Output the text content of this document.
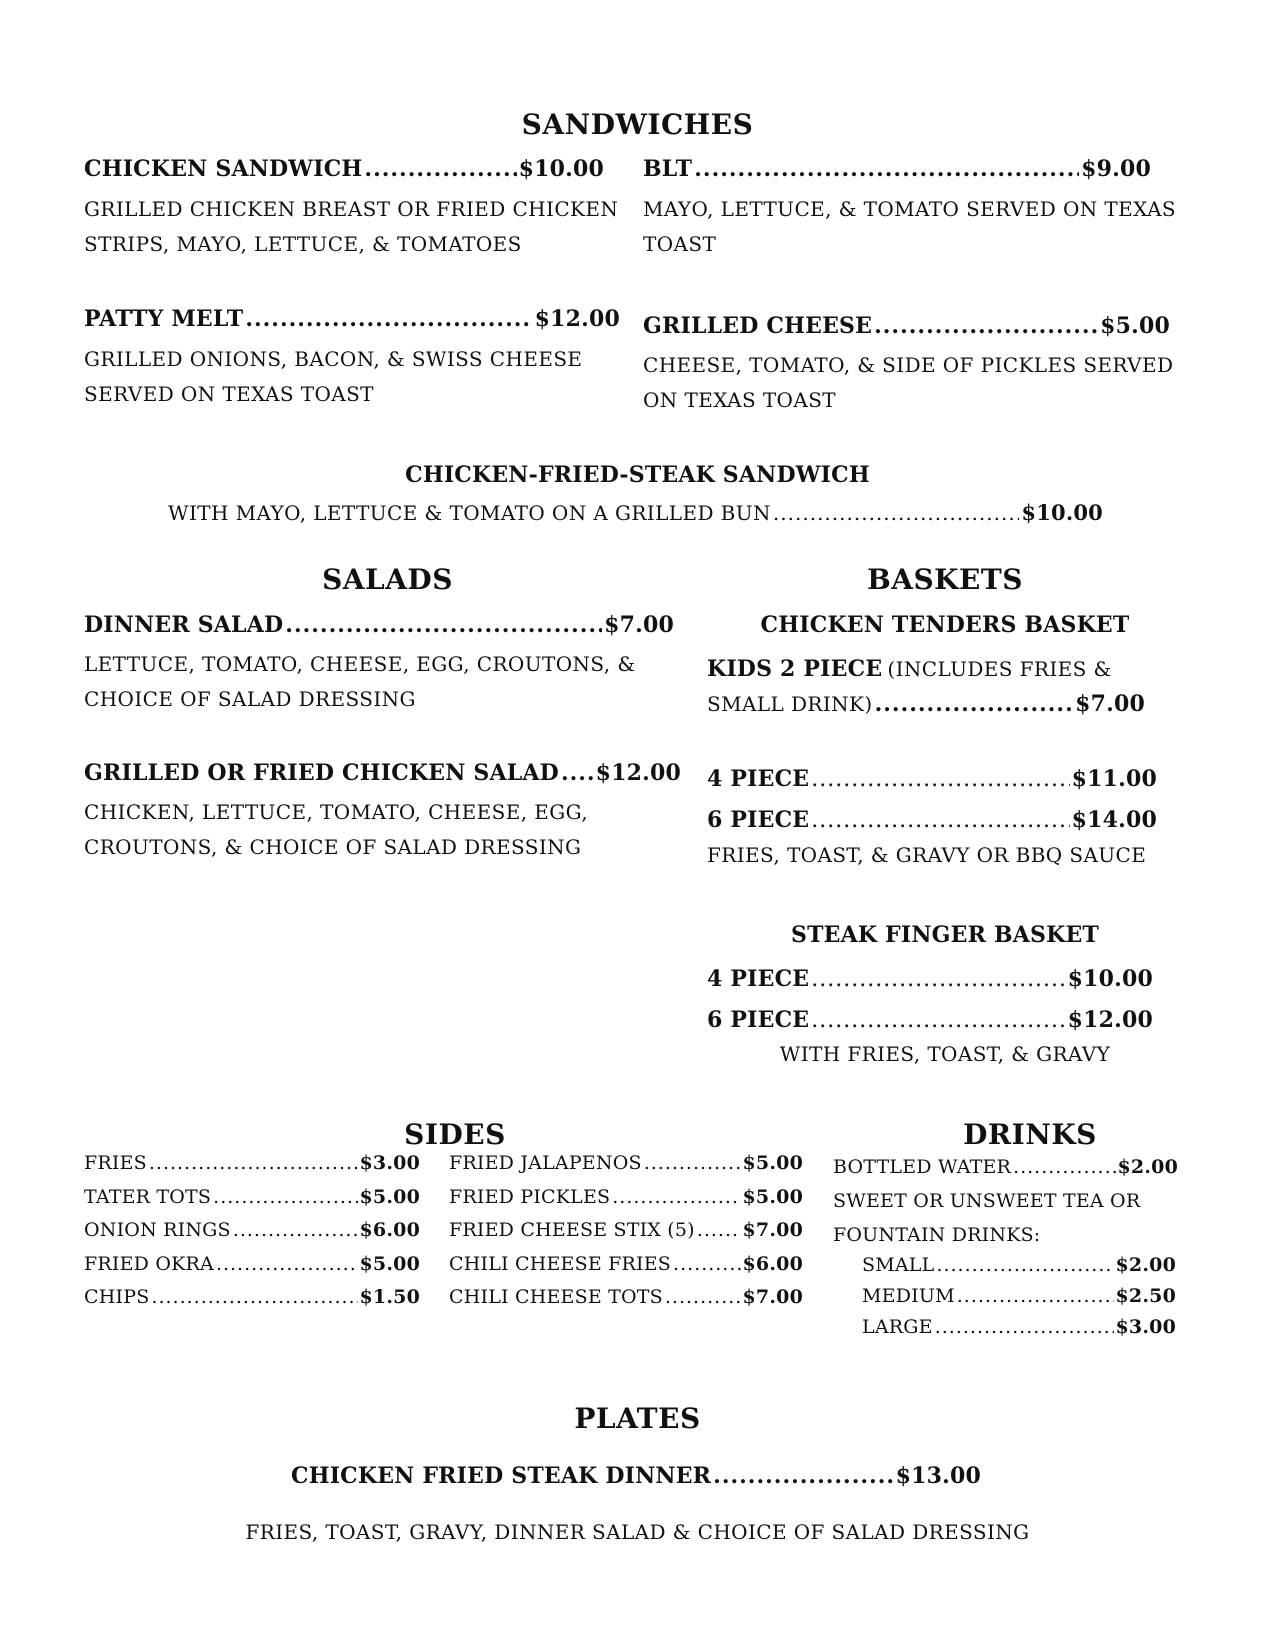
SANDWICHES
CHICKEN SANDWICH .....	$10.00
GRILLED CHICKEN BREAST OR FRIED CHICKEN
STRIPS, MAYO, LETTUCE, & TOMATOES
BLT .....	$9.00
MAYO, LETTUCE, & TOMATO SERVED ON TEXAS
TOAST
PATTY MELT .....	$12.00
GRILLED ONIONS, BACON, & SWISS CHEESE
SERVED ON TEXAS TOAST
GRILLED CHEESE .....	$5.00
CHEESE, TOMATO, & SIDE OF PICKLES SERVED
ON TEXAS TOAST
CHICKEN-FRIED-STEAK SANDWICH
WITH MAYO, LETTUCE & TOMATO ON A GRILLED BUN .....	$10.00
SALADS
DINNER SALAD .....	$7.00
LETTUCE, TOMATO, CHEESE, EGG, CROUTONS, &
CHOICE OF SALAD DRESSING
GRILLED OR FRIED CHICKEN SALAD ..... $12.00
CHICKEN, LETTUCE, TOMATO, CHEESE, EGG,
CROUTONS, & CHOICE OF SALAD DRESSING
BASKETS
CHICKEN TENDERS BASKET
KIDS 2 PIECE (INCLUDES FRIES &
SMALL DRINK) .....	$7.00
4 PIECE .....	$11.00
6 PIECE .....	$14.00
FRIES, TOAST, & GRAVY OR BBQ SAUCE
STEAK FINGER BASKET
4 PIECE .....	$10.00
6 PIECE .....	$12.00
WITH FRIES, TOAST, & GRAVY
SIDES
FRIES .....	$3.00
TATER TOTS .....	$5.00
ONION RINGS .....	$6.00
FRIED OKRA .....	$5.00
CHIPS .....	$1.50
FRIED JALAPENOS .....	$5.00
FRIED PICKLES .....	$5.00
FRIED CHEESE STIX (5) .....	$7.00
CHILI CHEESE FRIES .....	$6.00
CHILI CHEESE TOTS .....	$7.00
DRINKS
BOTTLED WATER .....	$2.00
SWEET OR UNSWEET TEA OR
FOUNTAIN DRINKS:
SMALL .....	$2.00
MEDIUM .....	$2.50
LARGE .....	$3.00
PLATES
CHICKEN FRIED STEAK DINNER .....	$13.00
FRIES, TOAST, GRAVY, DINNER SALAD & CHOICE OF SALAD DRESSING
